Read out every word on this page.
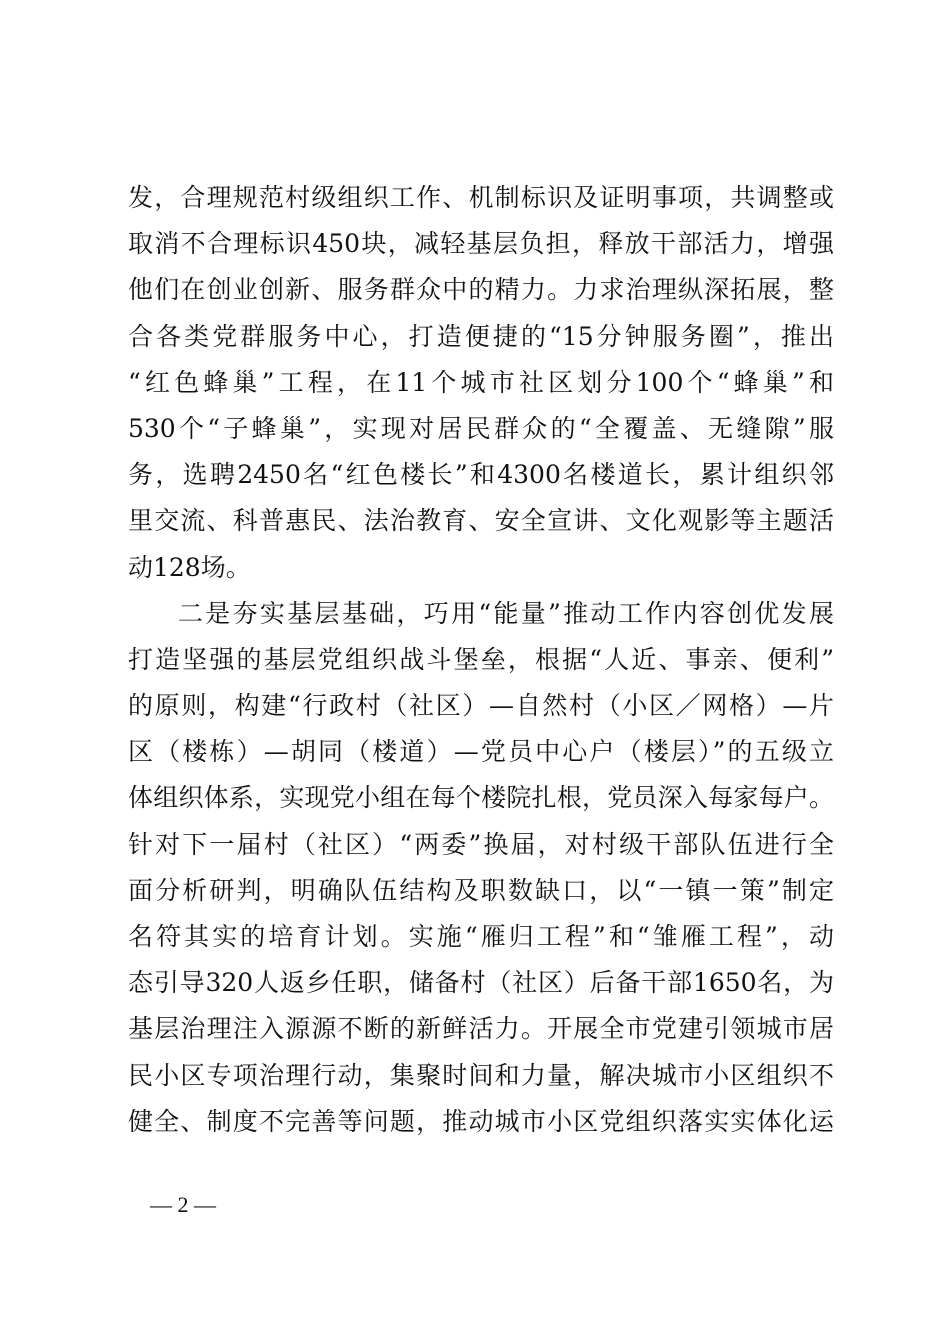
发，合理规范村级组织工作、机制标识及证明事项，共调整或
取消不合理标识450块，减轻基层负担，释放干部活力，增强
他们在创业创新、服务群众中的精力。力求治理纵深拓展，整
合各类党群服务中心，打造便捷的“15分钟服务圈”，推出
“红色蜂巢”工程，在11个城市社区划分100个“蜂巢”和
530个“子蜂巢”，实现对居民群众的“全覆盖、无缝隙”服
务，选聘2450名“红色楼长”和4300名楼道长，累计组织邻
里交流、科普惠民、法治教育、安全宣讲、文化观影等主题活
动128场。
二是夯实基层基础，巧用“能量”推动工作内容创优发展
打造坚强的基层党组织战斗堡垒，根据“人近、事亲、便利”
的原则，构建“行政村（社区）—自然村（小区／网格）—片
区（楼栋）—胡同（楼道）—党员中心户（楼层）”的五级立
体组织体系，实现党小组在每个楼院扎根，党员深入每家每户。
针对下一届村（社区）“两委”换届，对村级干部队伍进行全
面分析研判，明确队伍结构及职数缺口，以“一镇一策”制定
名符其实的培育计划。实施“雁归工程”和“雏雁工程”，动
态引导320人返乡任职，储备村（社区）后备干部1650名，为
基层治理注入源源不断的新鲜活力。开展全市党建引领城市居
民小区专项治理行动，集聚时间和力量，解决城市小区组织不
健全、制度不完善等问题，推动城市小区党组织落实实体化运
— 2 —
